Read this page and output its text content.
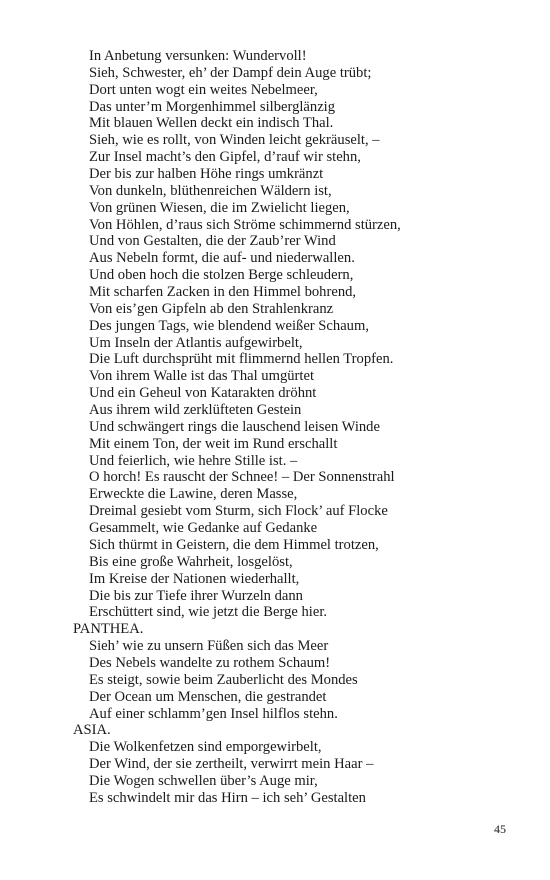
In Anbetung versunken: Wundervoll!
Sieh, Schwester, eh’ der Dampf dein Auge trübt;
Dort unten wogt ein weites Nebelmeer,
Das unter’m Morgenhimmel silberglänzig
Mit blauen Wellen deckt ein indisch Thal.
Sieh, wie es rollt, von Winden leicht gekräuselt, –
Zur Insel macht’s den Gipfel, d’rauf wir stehn,
Der bis zur halben Höhe rings umkränzt
Von dunkeln, blüthenreichen Wäldern ist,
Von grünen Wiesen, die im Zwielicht liegen,
Von Höhlen, d’raus sich Ströme schimmernd stürzen,
Und von Gestalten, die der Zaub’rer Wind
Aus Nebeln formt, die auf- und niederwallen.
Und oben hoch die stolzen Berge schleudern,
Mit scharfen Zacken in den Himmel bohrend,
Von eis’gen Gipfeln ab den Strahlenkranz
Des jungen Tags, wie blendend weißer Schaum,
Um Inseln der Atlantis aufgewirbelt,
Die Luft durchsprüht mit flimmernd hellen Tropfen.
Von ihrem Walle ist das Thal umgürtet
Und ein Geheul von Katarakten dröhnt
Aus ihrem wild zerklüfteten Gestein
Und schwängert rings die lauschend leisen Winde
Mit einem Ton, der weit im Rund erschallt
Und feierlich, wie hehre Stille ist. –
O horch! Es rauscht der Schnee! – Der Sonnenstrahl
Erweckte die Lawine, deren Masse,
Dreimal gesiebt vom Sturm, sich Flock’ auf Flocke
Gesammelt, wie Gedanke auf Gedanke
Sich thürmt in Geistern, die dem Himmel trotzen,
Bis eine große Wahrheit, losgelöst,
Im Kreise der Nationen wiederhallt,
Die bis zur Tiefe ihrer Wurzeln dann
Erschüttert sind, wie jetzt die Berge hier.
PANTHEA.
Sieh’ wie zu unsern Füßen sich das Meer
Des Nebels wandelte zu rothem Schaum!
Es steigt, sowie beim Zauberlicht des Mondes
Der Ocean um Menschen, die gestrandet
Auf einer schlamm’gen Insel hilflos stehn.
ASIA.
Die Wolkenfetzen sind emporgewirbelt,
Der Wind, der sie zertheilt, verwirrt mein Haar –
Die Wogen schwellen über’s Auge mir,
Es schwindelt mir das Hirn – ich seh’ Gestalten
45
